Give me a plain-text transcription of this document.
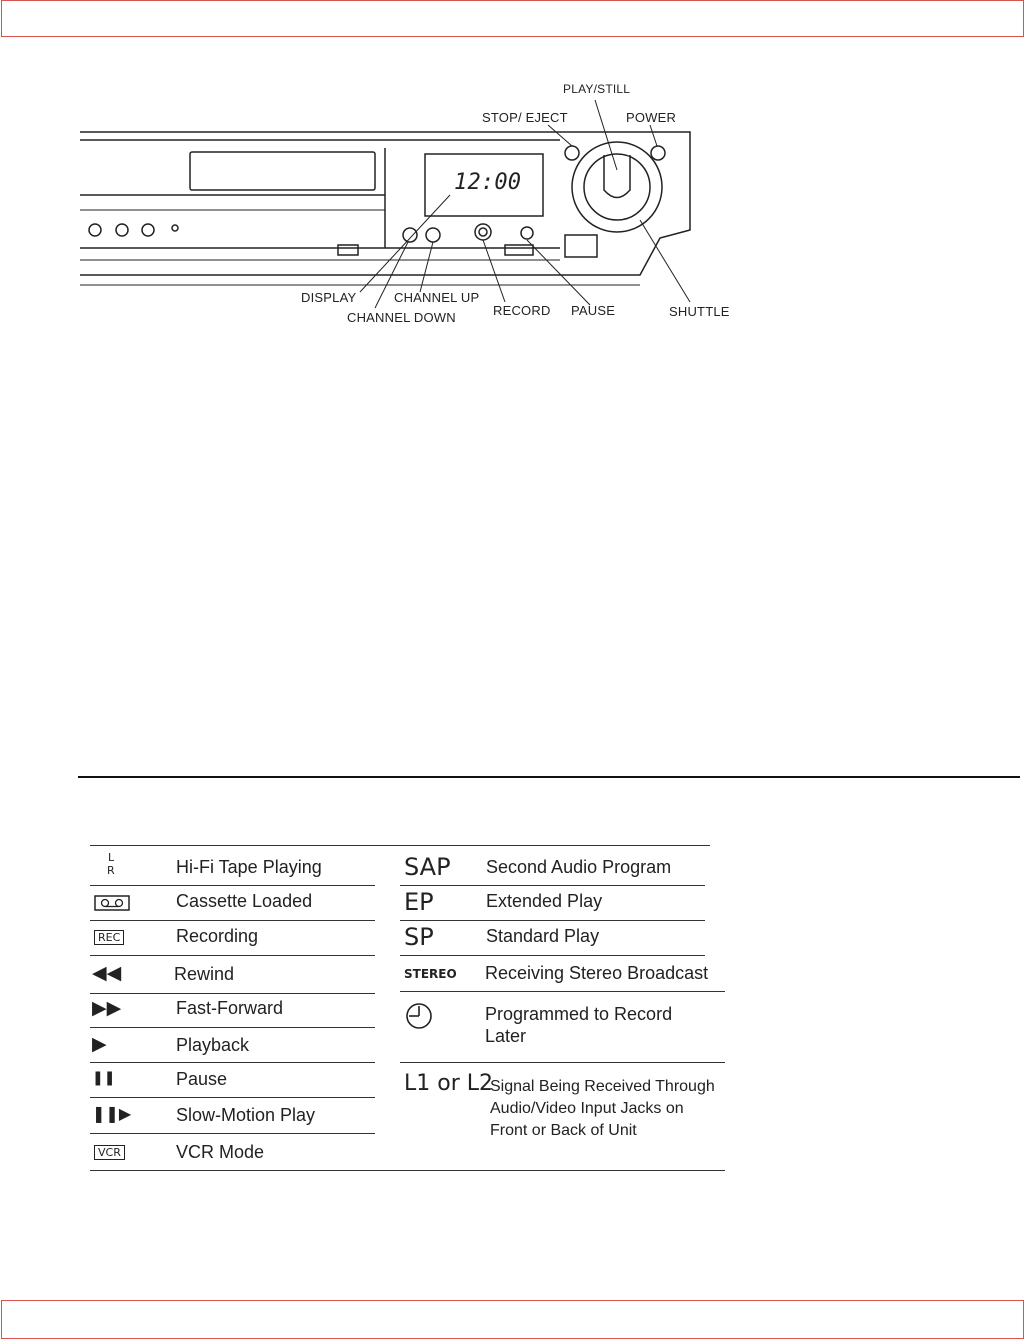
12:00
PLAY/STILL
STOP/ EJECT	POWER
DISPLAY	CHANNEL UP
CHANNEL DOWN	RECORD PAUSE	SHUTTLE
L
R	Hi-Fi Tape Playing
Cassette Loaded
REC	Recording
◀◀	Rewind
▶▶	Fast-Forward
▶	Playback
❚❚	Pause
❚❚▶ Slow-Motion Play
VCR	VCR Mode
SAP Second Audio Program
EP	Extended Play
SP	Standard Play
STEREO Receiving Stereo Broadcast
Programmed to Record Later
L1 or L2
Signal Being Received Through Audio/Video Input Jacks on Front or Back of Unit
